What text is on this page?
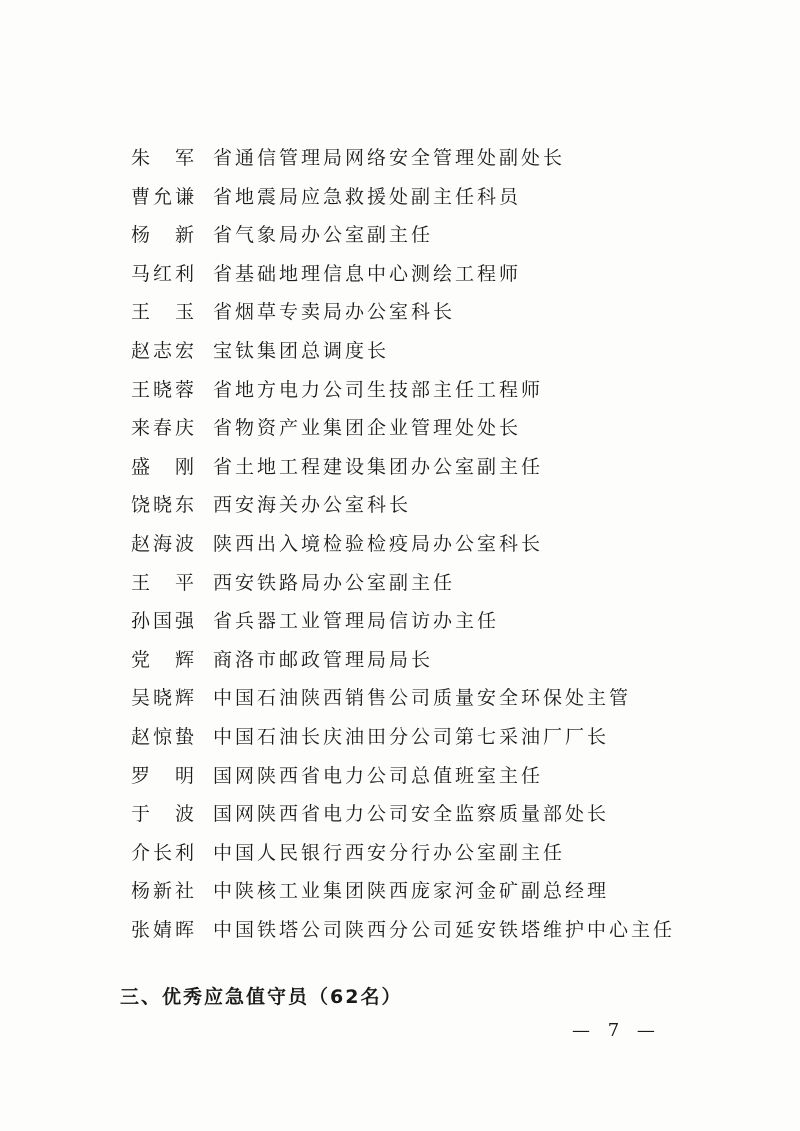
朱　军 省通信管理局网络安全管理处副处长
曹允谦 省地震局应急救援处副主任科员
杨　新 省气象局办公室副主任
马红利 省基础地理信息中心测绘工程师
王　玉 省烟草专卖局办公室科长
赵志宏 宝钛集团总调度长
王晓蓉 省地方电力公司生技部主任工程师
来春庆 省物资产业集团企业管理处处长
盛　刚 省土地工程建设集团办公室副主任
饶晓东 西安海关办公室科长
赵海波 陕西出入境检验检疫局办公室科长
王　平 西安铁路局办公室副主任
孙国强 省兵器工业管理局信访办主任
党　辉 商洛市邮政管理局局长
吴晓辉 中国石油陕西销售公司质量安全环保处主管
赵惊蛰 中国石油长庆油田分公司第七采油厂厂长
罗　明 国网陕西省电力公司总值班室主任
于　波 国网陕西省电力公司安全监察质量部处长
介长利 中国人民银行西安分行办公室副主任
杨新社 中陕核工业集团陕西庞家河金矿副总经理
张婧晖 中国铁塔公司陕西分公司延安铁塔维护中心主任
三、优秀应急值守员（62名）
— 7 —
